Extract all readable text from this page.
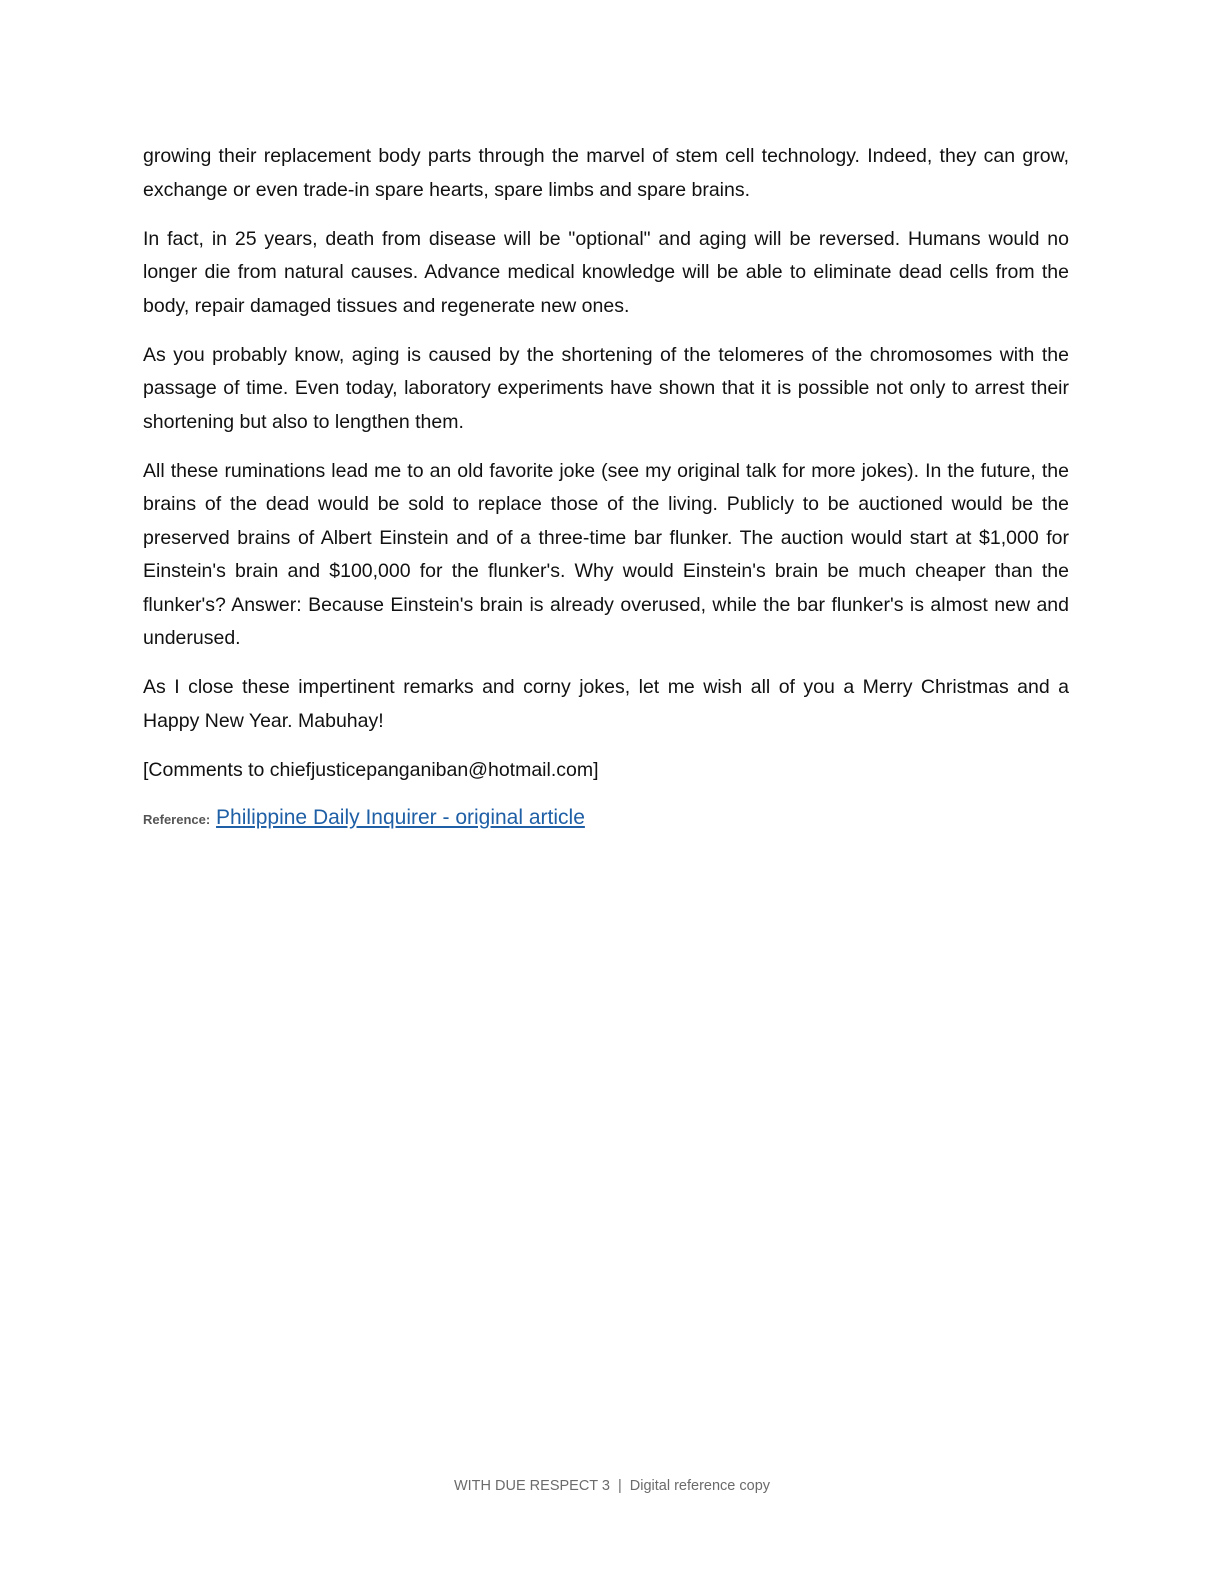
growing their replacement body parts through the marvel of stem cell technology. Indeed, they can grow, exchange or even trade-in spare hearts, spare limbs and spare brains.

In fact, in 25 years, death from disease will be "optional" and aging will be reversed. Humans would no longer die from natural causes. Advance medical knowledge will be able to eliminate dead cells from the body, repair damaged tissues and regenerate new ones.

As you probably know, aging is caused by the shortening of the telomeres of the chromosomes with the passage of time. Even today, laboratory experiments have shown that it is possible not only to arrest their shortening but also to lengthen them.

All these ruminations lead me to an old favorite joke (see my original talk for more jokes). In the future, the brains of the dead would be sold to replace those of the living. Publicly to be auctioned would be the preserved brains of Albert Einstein and of a three-time bar flunker. The auction would start at $1,000 for Einstein's brain and $100,000 for the flunker's. Why would Einstein's brain be much cheaper than the flunker's? Answer: Because Einstein's brain is already overused, while the bar flunker's is almost new and underused.

As I close these impertinent remarks and corny jokes, let me wish all of you a Merry Christmas and a Happy New Year. Mabuhay!

[Comments to chiefjusticepanganiban@hotmail.com]

Reference: Philippine Daily Inquirer - original article
WITH DUE RESPECT 3 | Digital reference copy
